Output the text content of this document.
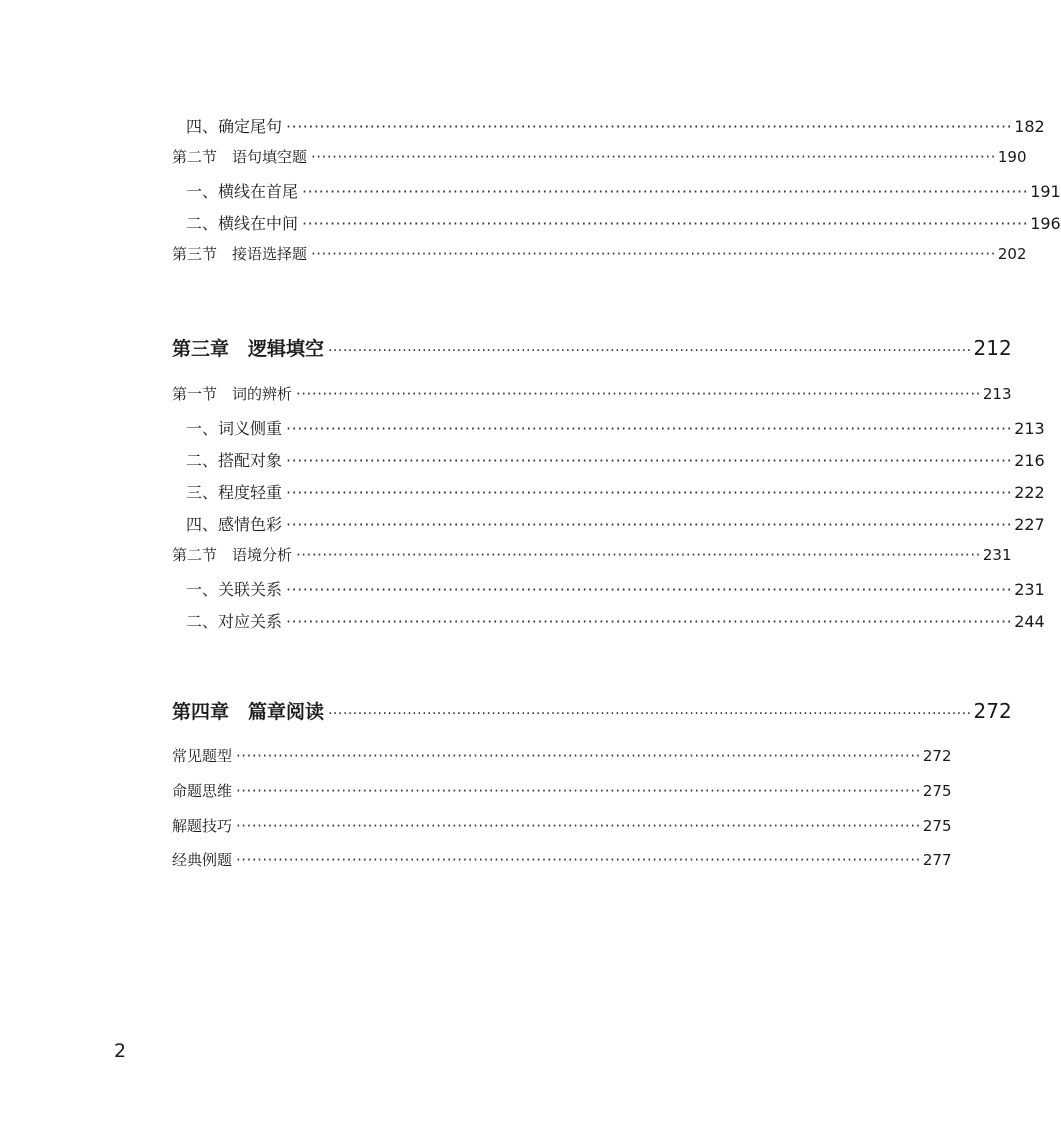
四、确定尾句 ·································································································································· 182
第二节　语句填空题 ·································································································································· 190
一、横线在首尾 ·································································································································· 191
二、横线在中间 ·································································································································· 196
第三节　接语选择题 ·································································································································· 202
第三章　逻辑填空 ·································································································································· 212
第一节　词的辨析 ·································································································································· 213
一、词义侧重 ·································································································································· 213
二、搭配对象 ·································································································································· 216
三、程度轻重 ·································································································································· 222
四、感情色彩 ·································································································································· 227
第二节　语境分析 ·································································································································· 231
一、关联关系 ·································································································································· 231
二、对应关系 ·································································································································· 244
第四章　篇章阅读 ·································································································································· 272
常见题型 ·································································································································· 272
命题思维 ·································································································································· 275
解题技巧 ·································································································································· 275
经典例题 ·································································································································· 277
2
